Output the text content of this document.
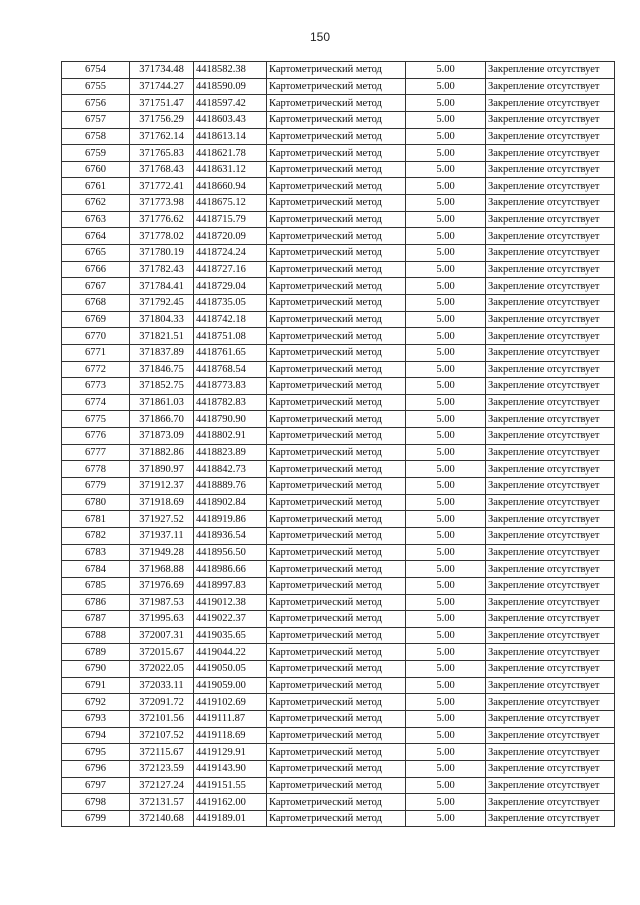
150
6754	371734.48	4418582.38	Картометрический метод	5.00	Закрепление отсутствует
6755	371744.27	4418590.09	Картометрический метод	5.00	Закрепление отсутствует
6756	371751.47	4418597.42	Картометрический метод	5.00	Закрепление отсутствует
6757	371756.29	4418603.43	Картометрический метод	5.00	Закрепление отсутствует
6758	371762.14	4418613.14	Картометрический метод	5.00	Закрепление отсутствует
6759	371765.83	4418621.78	Картометрический метод	5.00	Закрепление отсутствует
6760	371768.43	4418631.12	Картометрический метод	5.00	Закрепление отсутствует
6761	371772.41	4418660.94	Картометрический метод	5.00	Закрепление отсутствует
6762	371773.98	4418675.12	Картометрический метод	5.00	Закрепление отсутствует
6763	371776.62	4418715.79	Картометрический метод	5.00	Закрепление отсутствует
6764	371778.02	4418720.09	Картометрический метод	5.00	Закрепление отсутствует
6765	371780.19	4418724.24	Картометрический метод	5.00	Закрепление отсутствует
6766	371782.43	4418727.16	Картометрический метод	5.00	Закрепление отсутствует
6767	371784.41	4418729.04	Картометрический метод	5.00	Закрепление отсутствует
6768	371792.45	4418735.05	Картометрический метод	5.00	Закрепление отсутствует
6769	371804.33	4418742.18	Картометрический метод	5.00	Закрепление отсутствует
6770	371821.51	4418751.08	Картометрический метод	5.00	Закрепление отсутствует
6771	371837.89	4418761.65	Картометрический метод	5.00	Закрепление отсутствует
6772	371846.75	4418768.54	Картометрический метод	5.00	Закрепление отсутствует
6773	371852.75	4418773.83	Картометрический метод	5.00	Закрепление отсутствует
6774	371861.03	4418782.83	Картометрический метод	5.00	Закрепление отсутствует
6775	371866.70	4418790.90	Картометрический метод	5.00	Закрепление отсутствует
6776	371873.09	4418802.91	Картометрический метод	5.00	Закрепление отсутствует
6777	371882.86	4418823.89	Картометрический метод	5.00	Закрепление отсутствует
6778	371890.97	4418842.73	Картометрический метод	5.00	Закрепление отсутствует
6779	371912.37	4418889.76	Картометрический метод	5.00	Закрепление отсутствует
6780	371918.69	4418902.84	Картометрический метод	5.00	Закрепление отсутствует
6781	371927.52	4418919.86	Картометрический метод	5.00	Закрепление отсутствует
6782	371937.11	4418936.54	Картометрический метод	5.00	Закрепление отсутствует
6783	371949.28	4418956.50	Картометрический метод	5.00	Закрепление отсутствует
6784	371968.88	4418986.66	Картометрический метод	5.00	Закрепление отсутствует
6785	371976.69	4418997.83	Картометрический метод	5.00	Закрепление отсутствует
6786	371987.53	4419012.38	Картометрический метод	5.00	Закрепление отсутствует
6787	371995.63	4419022.37	Картометрический метод	5.00	Закрепление отсутствует
6788	372007.31	4419035.65	Картометрический метод	5.00	Закрепление отсутствует
6789	372015.67	4419044.22	Картометрический метод	5.00	Закрепление отсутствует
6790	372022.05	4419050.05	Картометрический метод	5.00	Закрепление отсутствует
6791	372033.11	4419059.00	Картометрический метод	5.00	Закрепление отсутствует
6792	372091.72	4419102.69	Картометрический метод	5.00	Закрепление отсутствует
6793	372101.56	4419111.87	Картометрический метод	5.00	Закрепление отсутствует
6794	372107.52	4419118.69	Картометрический метод	5.00	Закрепление отсутствует
6795	372115.67	4419129.91	Картометрический метод	5.00	Закрепление отсутствует
6796	372123.59	4419143.90	Картометрический метод	5.00	Закрепление отсутствует
6797	372127.24	4419151.55	Картометрический метод	5.00	Закрепление отсутствует
6798	372131.57	4419162.00	Картометрический метод	5.00	Закрепление отсутствует
6799	372140.68	4419189.01	Картометрический метод	5.00	Закрепление отсутствует
